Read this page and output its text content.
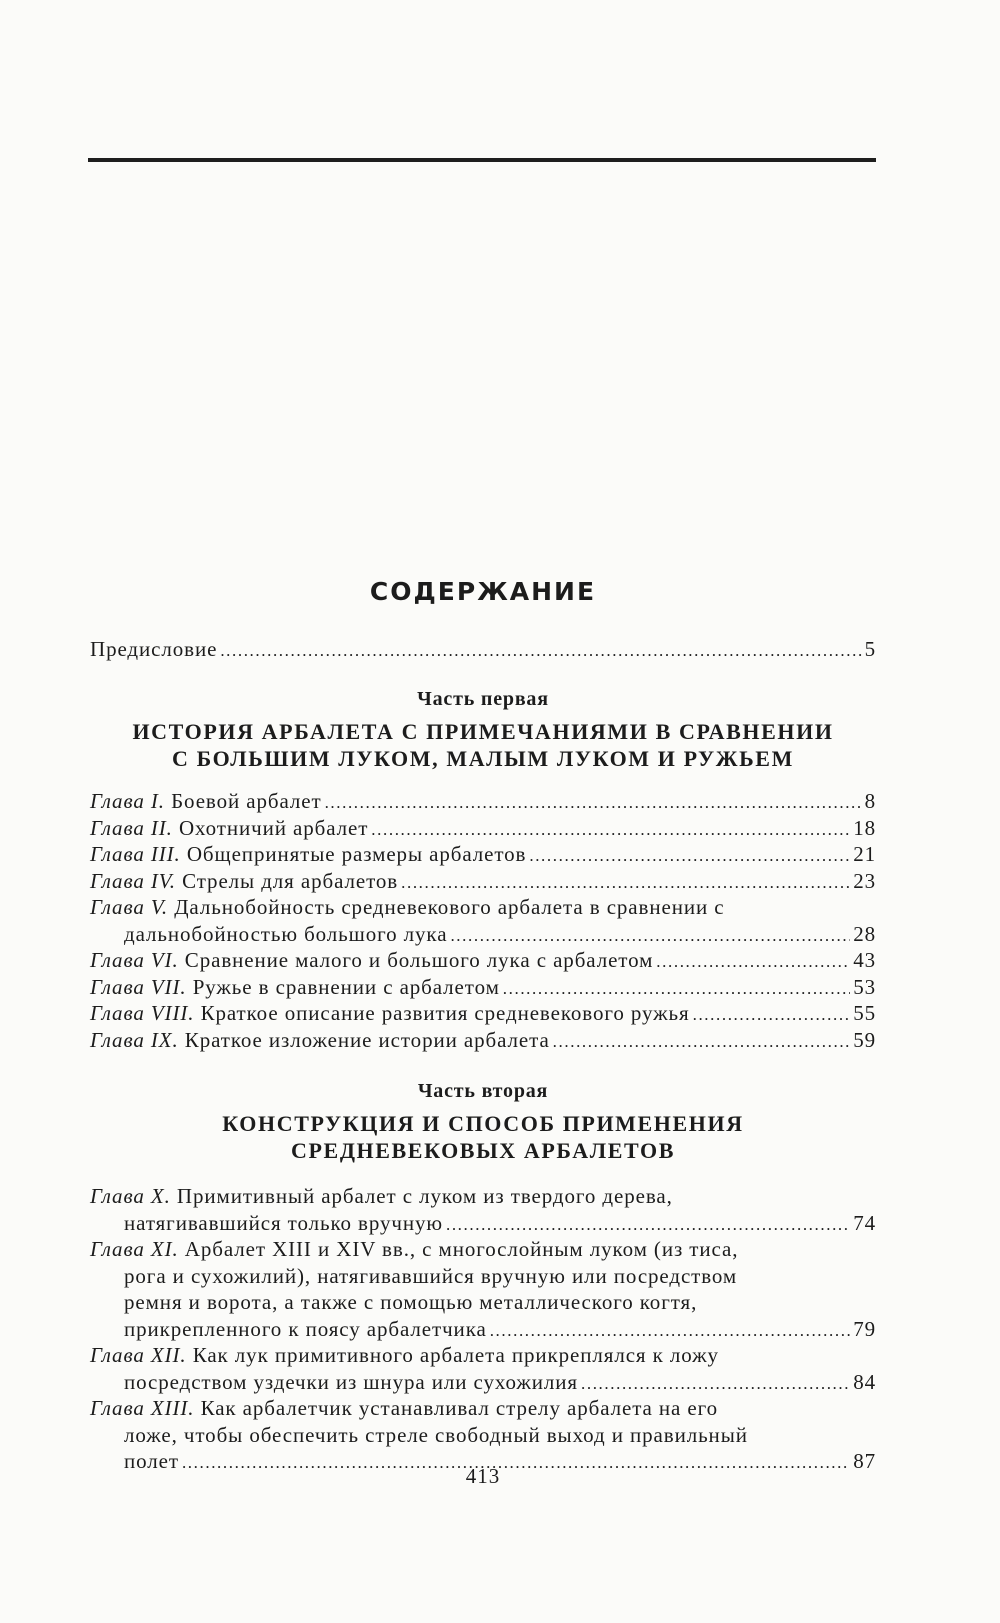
СОДЕРЖАНИЕ
Предисловие .....	5

Часть первая

ИСТОРИЯ АРБАЛЕТА С ПРИМЕЧАНИЯМИ В СРАВНЕНИИ
С БОЛЬШИМ ЛУКОМ, МАЛЫМ ЛУКОМ И РУЖЬЕМ
Глава I. Боевой арбалет .....	8
Глава II. Охотничий арбалет .....	18
Глава III. Общепринятые размеры арбалетов .....	21
Глава IV. Стрелы для арбалетов .....	23
Глава V. Дальнобойность средневекового арбалета в сравнении с
дальнобойностью большого лука .....	28
Глава VI. Сравнение малого и большого лука с арбалетом .....	43
Глава VII. Ружье в сравнении с арбалетом .....	53
Глава VIII. Краткое описание развития средневекового ружья .....	55
Глава IX. Краткое изложение истории арбалета .....	59

Часть вторая

КОНСТРУКЦИЯ И СПОСОБ ПРИМЕНЕНИЯ
СРЕДНЕВЕКОВЫХ АРБАЛЕТОВ
Глава X. Примитивный арбалет с луком из твердого дерева,
натягивавшийся только вручную .....	74
Глава XI. Арбалет XIII и XIV вв., с многослойным луком (из тиса,
рога и сухожилий), натягивавшийся вручную или посредством
ремня и ворота, а также с помощью металлического когтя,
прикрепленного к поясу арбалетчика .....	79
Глава XII. Как лук примитивного арбалета прикреплялся к ложу
посредством уздечки из шнура или сухожилия .....	84
Глава XIII. Как арбалетчик устанавливал стрелу арбалета на его
ложе, чтобы обеспечить стреле свободный выход и правильный
полет .....	87
413
